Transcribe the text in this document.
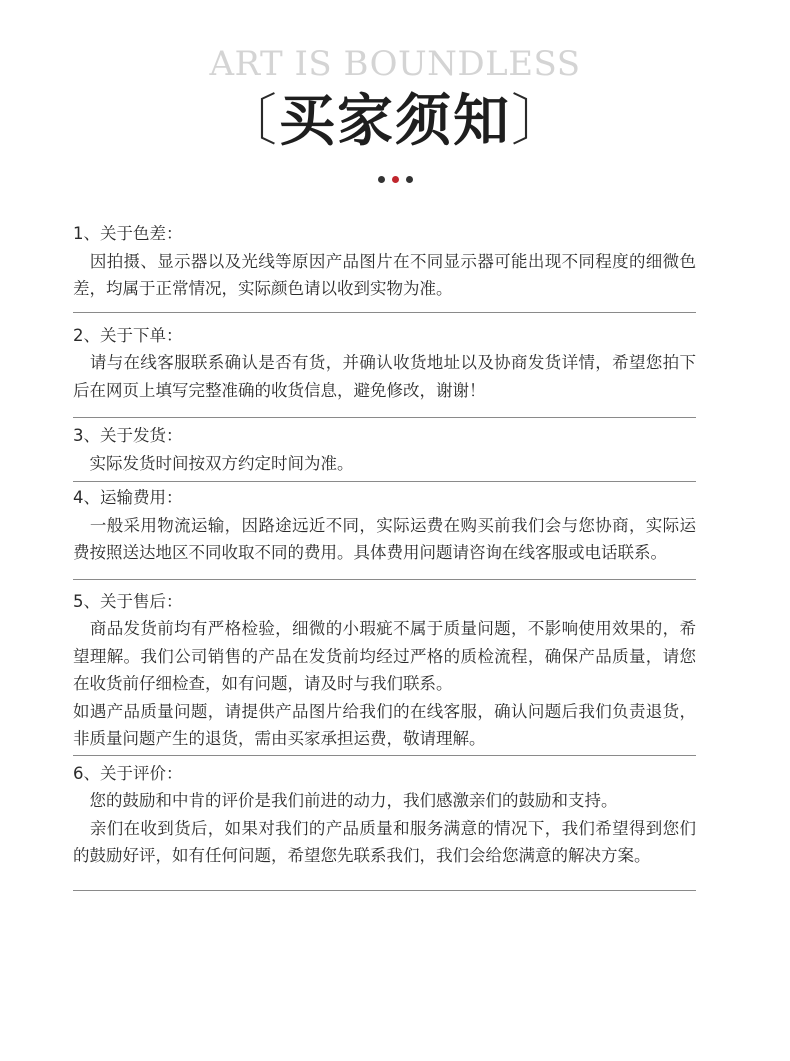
ART IS BOUNDLESS
〔买家须知〕

1、关于色差：

　因拍摄、显示器以及光线等原因产品图片在不同显示器可能出现不同程度的细微色差，均属于正常情况，实际颜色请以收到实物为准。

2、关于下单：

　请与在线客服联系确认是否有货，并确认收货地址以及协商发货详情，希望您拍下后在网页上填写完整准确的收货信息，避免修改，谢谢！

3、关于发货：

　实际发货时间按双方约定时间为准。

4、运输费用：

　一般采用物流运输，因路途远近不同，实际运费在购买前我们会与您协商，实际运费按照送达地区不同收取不同的费用。具体费用问题请咨询在线客服或电话联系。

5、关于售后：

　商品发货前均有严格检验，细微的小瑕疵不属于质量问题，不影响使用效果的，希望理解。我们公司销售的产品在发货前均经过严格的质检流程，确保产品质量，请您在收货前仔细检查，如有问题，请及时与我们联系。

如遇产品质量问题，请提供产品图片给我们的在线客服，确认问题后我们负责退货，非质量问题产生的退货，需由买家承担运费，敬请理解。

6、关于评价：

　您的鼓励和中肯的评价是我们前进的动力，我们感激亲们的鼓励和支持。

　亲们在收到货后，如果对我们的产品质量和服务满意的情况下，我们希望得到您们的鼓励好评，如有任何问题，希望您先联系我们，我们会给您满意的解决方案。
